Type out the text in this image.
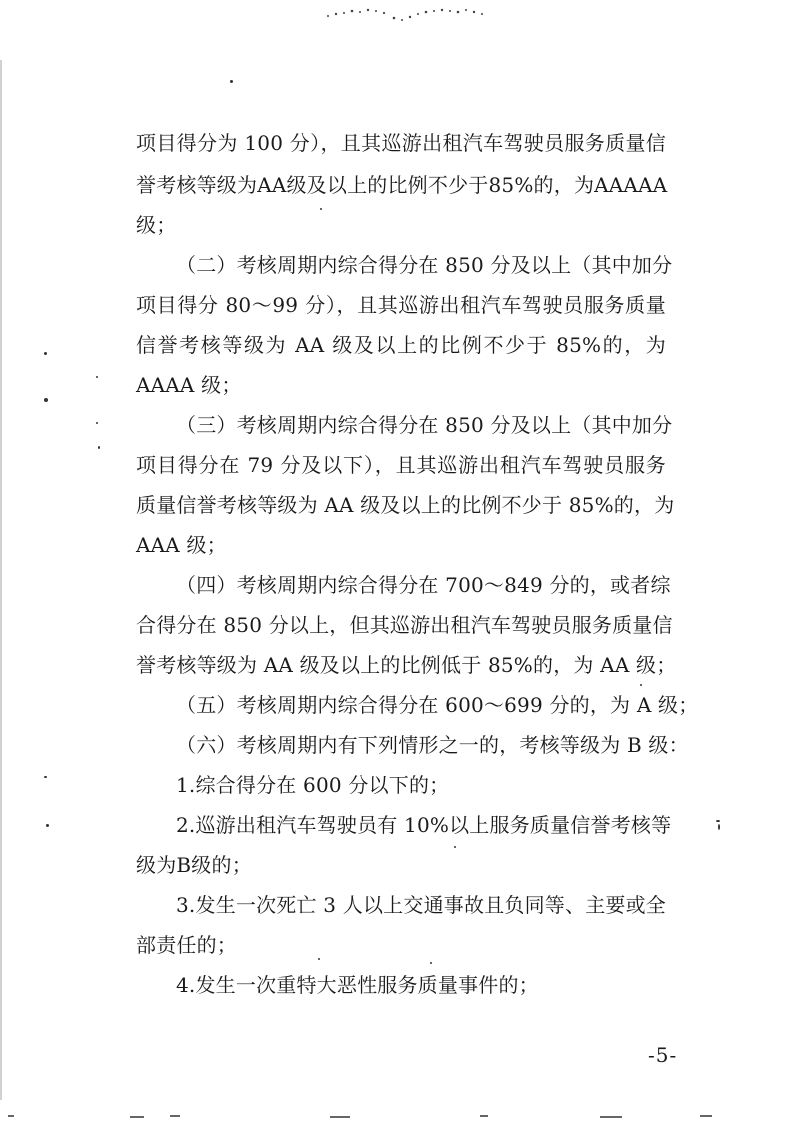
项目得分为 100 分），且其巡游出租汽车驾驶员服务质量信
誉考核等级为AA级及以上的比例不少于85%的，为AAAAA
级；
（二）考核周期内综合得分在 850 分及以上（其中加分
项目得分 80～99 分），且其巡游出租汽车驾驶员服务质量
信誉考核等级为 AA 级及以上的比例不少于 85%的，为
AAAA 级；
（三）考核周期内综合得分在 850 分及以上（其中加分
项目得分在 79 分及以下），且其巡游出租汽车驾驶员服务
质量信誉考核等级为 AA 级及以上的比例不少于 85%的，为
AAA 级；
（四）考核周期内综合得分在 700～849 分的，或者综
合得分在 850 分以上，但其巡游出租汽车驾驶员服务质量信
誉考核等级为 AA 级及以上的比例低于 85%的，为 AA 级；
（五）考核周期内综合得分在 600～699 分的，为 A 级；
（六）考核周期内有下列情形之一的，考核等级为 B 级：
1.综合得分在 600 分以下的；
2.巡游出租汽车驾驶员有 10%以上服务质量信誉考核等
级为B级的；
3.发生一次死亡 3 人以上交通事故且负同等、主要或全
部责任的；
4.发生一次重特大恶性服务质量事件的；
-5-
